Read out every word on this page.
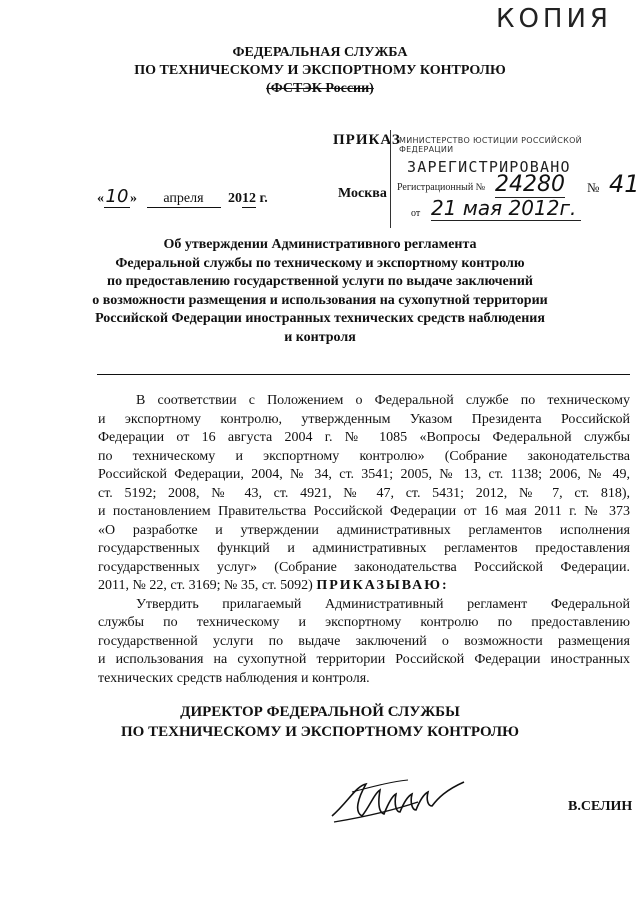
КОПИЯ
ФЕДЕРАЛЬНАЯ СЛУЖБА
ПО ТЕХНИЧЕСКОМУ И ЭКСПОРТНОМУ КОНТРОЛЮ
(ФСТЭК России)
ПРИКАЗ
МИНИСТЕРСТВО ЮСТИЦИИ РОССИЙСКОЙ ФЕДЕРАЦИИ
ЗАРЕГИСТРИРОВАНО
Регистрационный № 24280 № 41
от 21 мая 2012г.
«10 » апреля 2012 г.	Москва
Об утверждении Административного регламента
Федеральной службы по техническому и экспортному контролю
по предоставлению государственной услуги по выдаче заключений
о возможности размещения и использования на сухопутной территории
Российской Федерации иностранных технических средств наблюдения
и контроля
В соответствии с Положением о Федеральной службе по техническому
и экспортному контролю, утвержденным Указом Президента Российской
Федерации от 16 августа 2004 г. № 1085 «Вопросы Федеральной службы
по техническому и экспортному контролю» (Собрание законодательства
Российской Федерации, 2004, № 34, ст. 3541; 2005, № 13, ст. 1138; 2006, № 49,
ст. 5192; 2008, № 43, ст. 4921, № 47, ст. 5431; 2012, № 7, ст. 818),
и постановлением Правительства Российской Федерации от 16 мая 2011 г. № 373
«О разработке и утверждении административных регламентов исполнения
государственных функций и административных регламентов предоставления
государственных услуг» (Собрание законодательства Российской Федерации.
2011, № 22, ст. 3169; № 35, ст. 5092) ПРИКАЗЫВАЮ:
Утвердить прилагаемый Административный регламент Федеральной
службы по техническому и экспортному контролю по предоставлению
государственной услуги по выдаче заключений о возможности размещения
и использования на сухопутной территории Российской Федерации иностранных
технических средств наблюдения и контроля.
ДИРЕКТОР ФЕДЕРАЛЬНОЙ СЛУЖБЫ
ПО ТЕХНИЧЕСКОМУ И ЭКСПОРТНОМУ КОНТРОЛЮ
В.СЕЛИН
